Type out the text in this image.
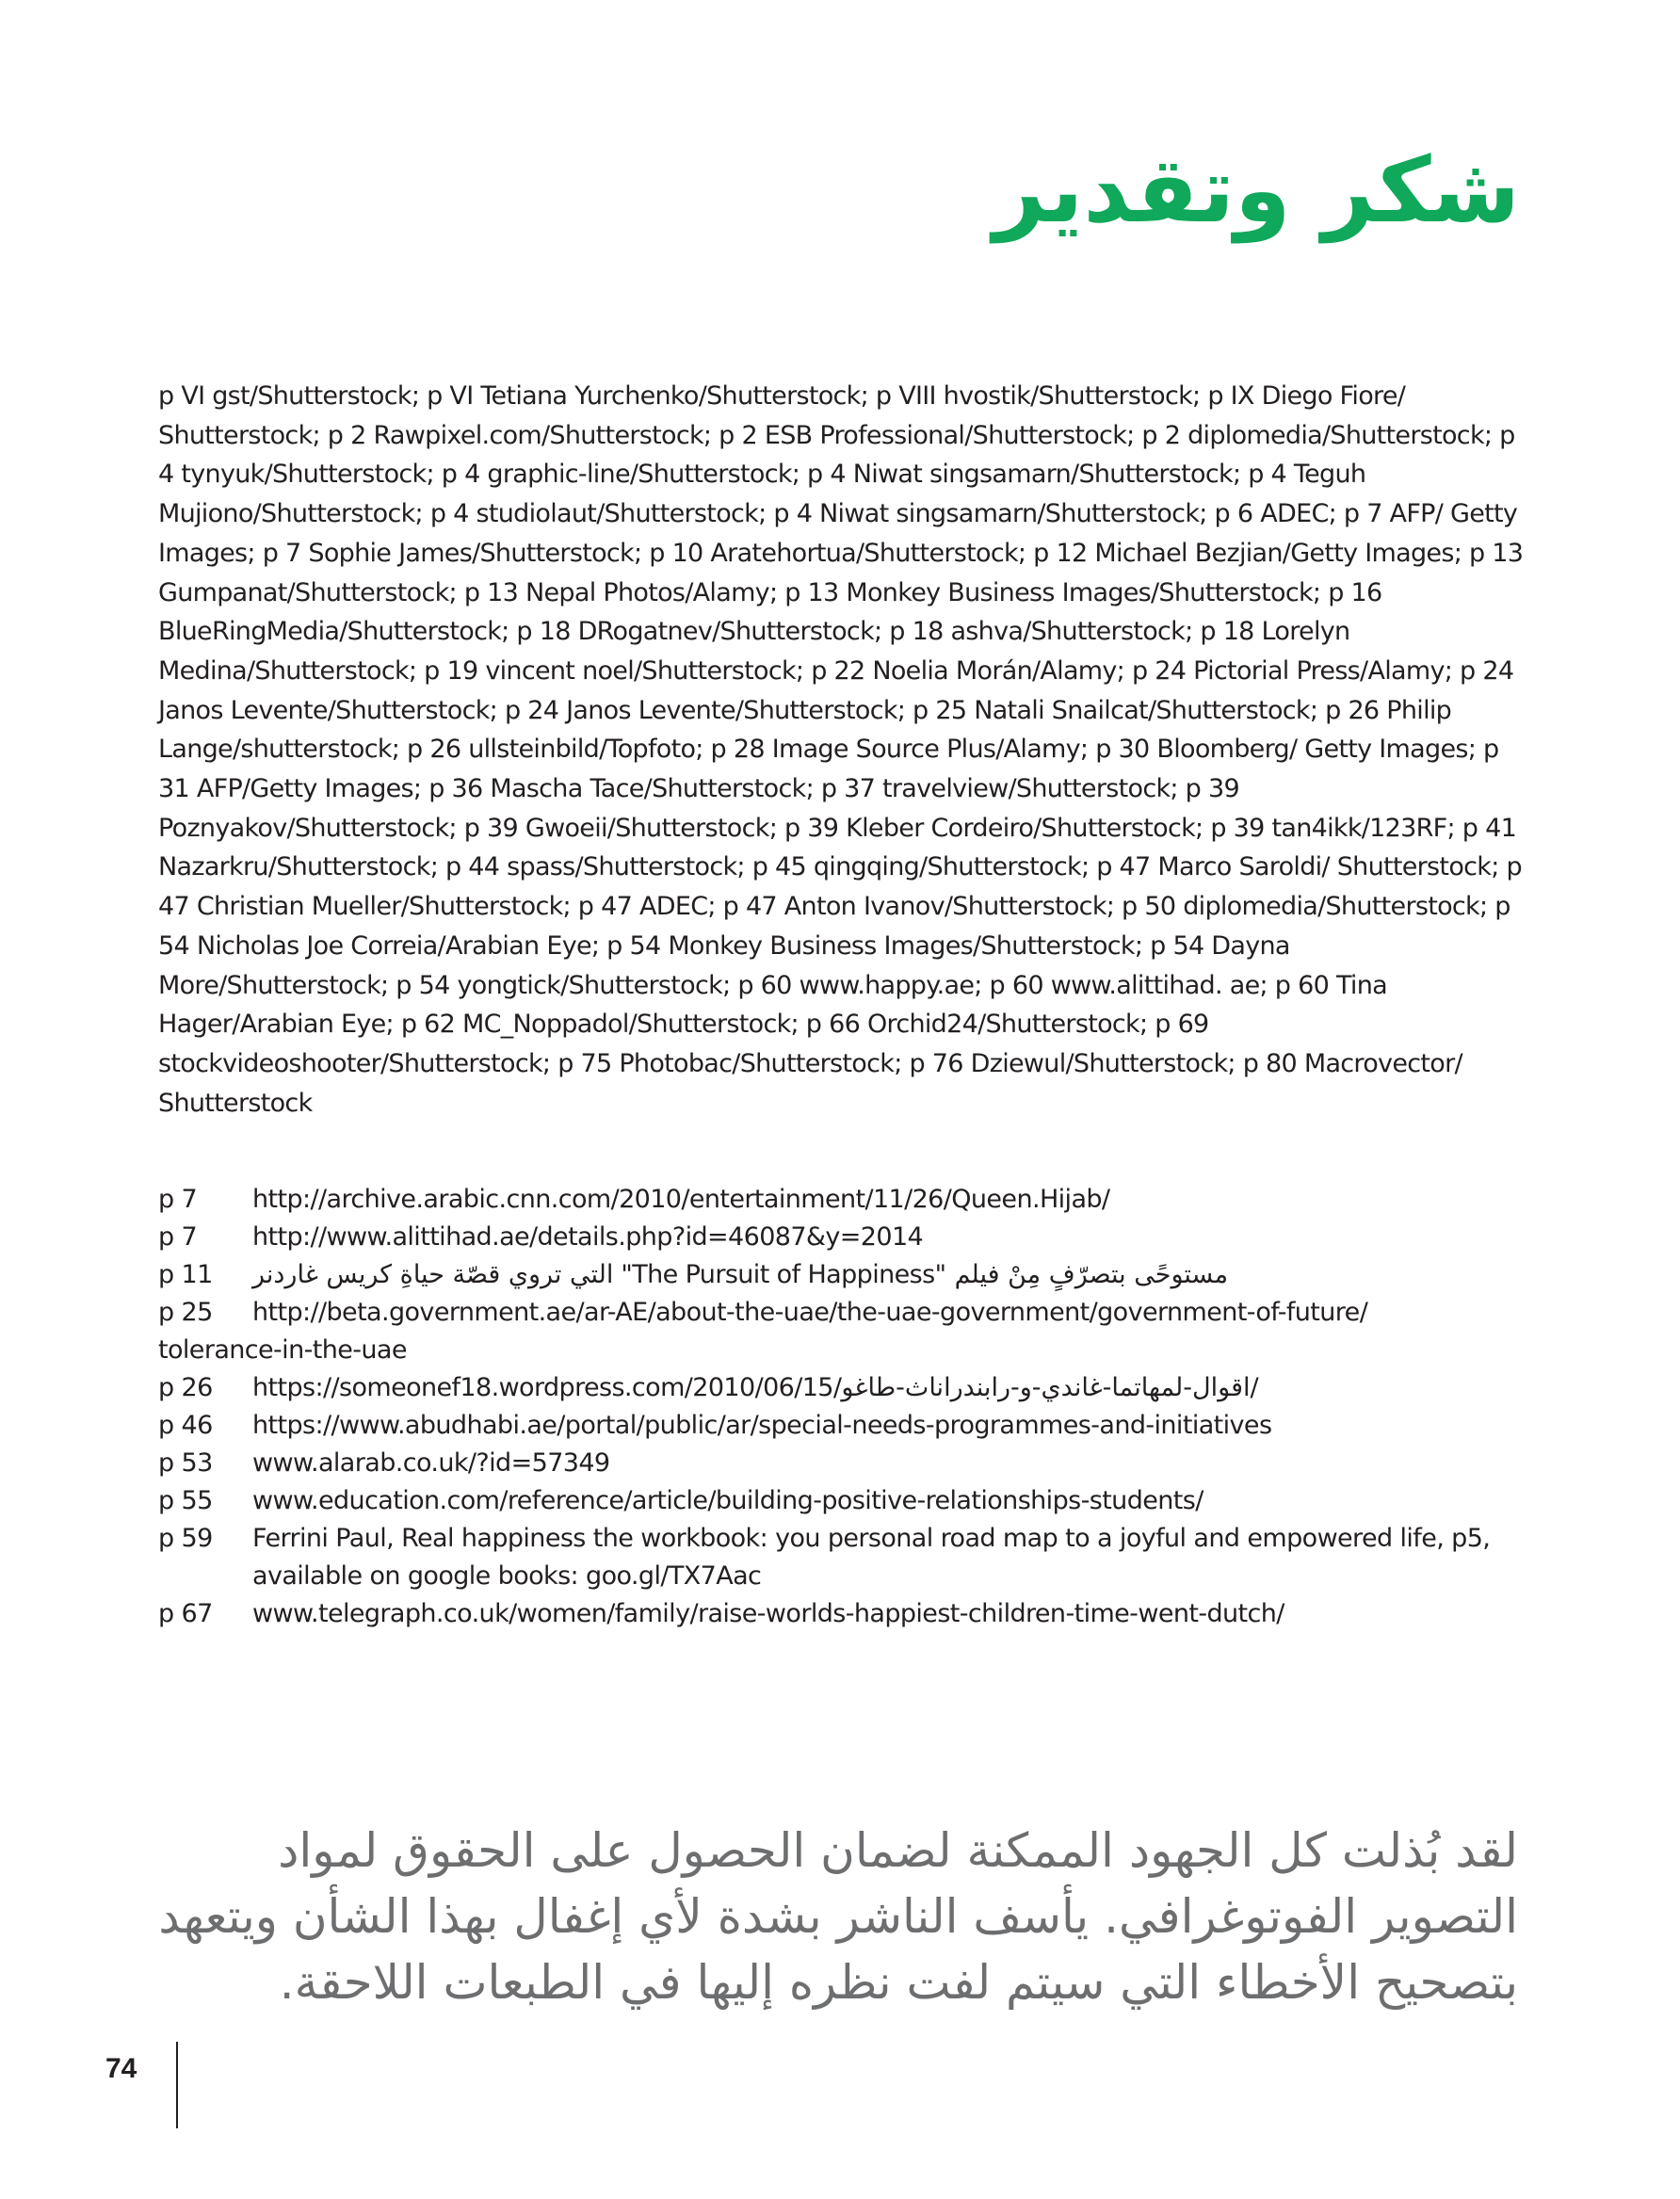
شكر وتقدير

p VI gst/Shutterstock; p VI Tetiana Yurchenko/Shutterstock; p VIII hvostik/Shutterstock; p IX Diego Fiore/ Shutterstock; p 2 Rawpixel.com/Shutterstock; p 2 ESB Professional/Shutterstock; p 2 diplomedia/Shutterstock; p 4 tynyuk/Shutterstock; p 4 graphic-line/Shutterstock; p 4 Niwat singsamarn/Shutterstock; p 4 Teguh Mujiono/Shutterstock; p 4 studiolaut/Shutterstock; p 4 Niwat singsamarn/Shutterstock; p 6 ADEC; p 7 AFP/ Getty Images; p 7 Sophie James/Shutterstock; p 10 Aratehortua/Shutterstock; p 12 Michael Bezjian/Getty Images; p 13 Gumpanat/Shutterstock; p 13 Nepal Photos/Alamy; p 13 Monkey Business Images/Shutterstock; p 16 BlueRingMedia/Shutterstock; p 18 DRogatnev/Shutterstock; p 18 ashva/Shutterstock; p 18 Lorelyn Medina/Shutterstock; p 19 vincent noel/Shutterstock; p 22 Noelia Morán/Alamy; p 24 Pictorial Press/Alamy; p 24 Janos Levente/Shutterstock; p 24 Janos Levente/Shutterstock; p 25 Natali Snailcat/Shutterstock; p 26 Philip Lange/shutterstock; p 26 ullsteinbild/Topfoto; p 28 Image Source Plus/Alamy; p 30 Bloomberg/ Getty Images; p 31 AFP/Getty Images; p 36 Mascha Tace/Shutterstock; p 37 travelview/Shutterstock; p 39 Poznyakov/Shutterstock; p 39 Gwoeii/Shutterstock; p 39 Kleber Cordeiro/Shutterstock; p 39 tan4ikk/123RF; p 41 Nazarkru/Shutterstock; p 44 spass/Shutterstock; p 45 qingqing/Shutterstock; p 47 Marco Saroldi/ Shutterstock; p 47 Christian Mueller/Shutterstock; p 47 ADEC; p 47 Anton Ivanov/Shutterstock; p 50 diplomedia/Shutterstock; p 54 Nicholas Joe Correia/Arabian Eye; p 54 Monkey Business Images/Shutterstock; p 54 Dayna More/Shutterstock; p 54 yongtick/Shutterstock; p 60 www.happy.ae; p 60 www.alittihad. ae; p 60 Tina Hager/Arabian Eye; p 62 MC_Noppadol/Shutterstock; p 66 Orchid24/Shutterstock; p 69 stockvideoshooter/Shutterstock; p 75 Photobac/Shutterstock; p 76 Dziewul/Shutterstock; p 80 Macrovector/ Shutterstock

p 7	http://archive.arabic.cnn.com/2010/entertainment/11/26/Queen.Hijab/
p 7	http://www.alittihad.ae/details.php?id=46087&y=2014
p 11	مستوحًى بتصرّفٍ مِنْ فيلم "The Pursuit of Happiness" التي تروي قصّة حياةِ كريس غاردنر
p 25	http://beta.government.ae/ar-AE/about-the-uae/the-uae-government/government-of-future/
tolerance-in-the-uae
p 26	https://someonef18.wordpress.com/2010/06/15/اقوال-لمهاتما-غاندي-و-رابندراناث-طاغو/
p 46	https://www.abudhabi.ae/portal/public/ar/special-needs-programmes-and-initiatives
p 53	www.alarab.co.uk/?id=57349
p 55	www.education.com/reference/article/building-positive-relationships-students/
p 59	Ferrini Paul, Real happiness the workbook: you personal road map to a joyful and empowered life, p5, available on google books: goo.gl/TX7Aac
p 67	www.telegraph.co.uk/women/family/raise-worlds-happiest-children-time-went-dutch/

لقد بُذلت كل الجهود الممكنة لضمان الحصول على الحقوق لمواد التصوير الفوتوغرافي. يأسف الناشر بشدة لأي إغفال بهذا الشأن ويتعهد بتصحيح الأخطاء التي سيتم لفت نظره إليها في الطبعات اللاحقة.

74
